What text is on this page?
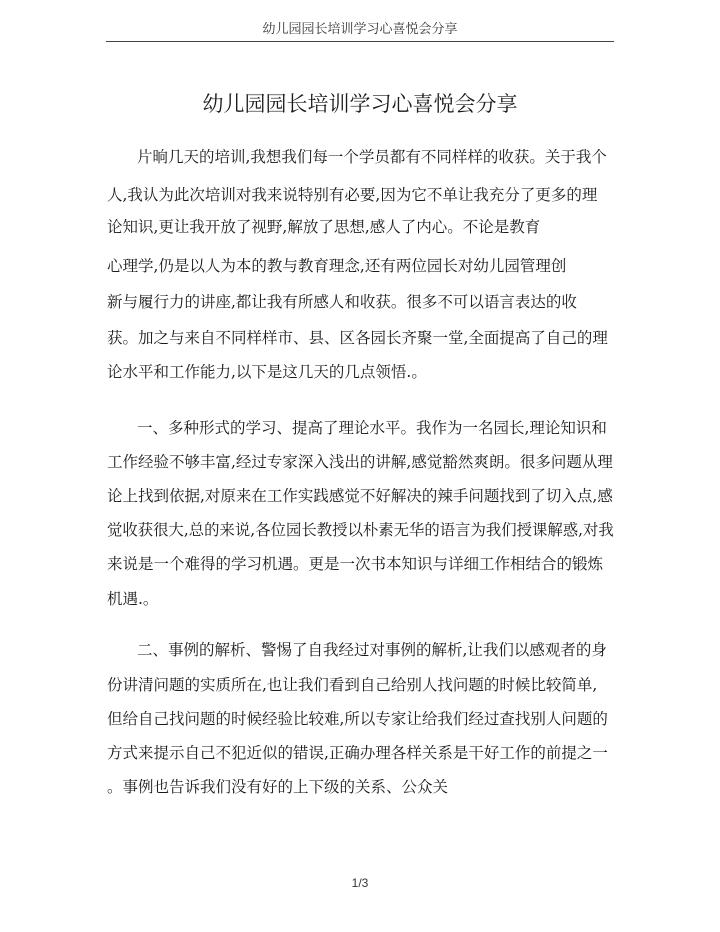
幼儿园园长培训学习心喜悦会分享
幼儿园园长培训学习心喜悦会分享
片晌几天的培训,我想我们每一个学员都有不同样样的收获。关于我个
人,我认为此次培训对我来说特别有必要,因为它不单让我充分了更多的理
论知识,更让我开放了视野,解放了思想,感人了内心。不论是教育
心理学,仍是以人为本的教与教育理念,还有两位园长对幼儿园管理创
新与履行力的讲座,都让我有所感人和收获。很多不可以语言表达的收
获。加之与来自不同样样市、县、区各园长齐聚一堂,全面提高了自己的理
论水平和工作能力,以下是这几天的几点领悟.。
一、多种形式的学习、提高了理论水平。我作为一名园长,理论知识和
工作经验不够丰富,经过专家深入浅出的讲解,感觉豁然爽朗。很多问题从理
论上找到依据,对原来在工作实践感觉不好解决的辣手问题找到了切入点,感
觉收获很大,总的来说,各位园长教授以朴素无华的语言为我们授课解惑,对我
来说是一个难得的学习机遇。更是一次书本知识与详细工作相结合的锻炼
机遇.。
二、事例的解析、警惕了自我经过对事例的解析,让我们以感观者的身
份讲清问题的实质所在,也让我们看到自己给别人找问题的时候比较简单,
但给自己找问题的时候经验比较难,所以专家让给我们经过查找别人问题的
方式来提示自己不犯近似的错误,正确办理各样关系是干好工作的前提之一
。事例也告诉我们没有好的上下级的关系、公众关
1/3
